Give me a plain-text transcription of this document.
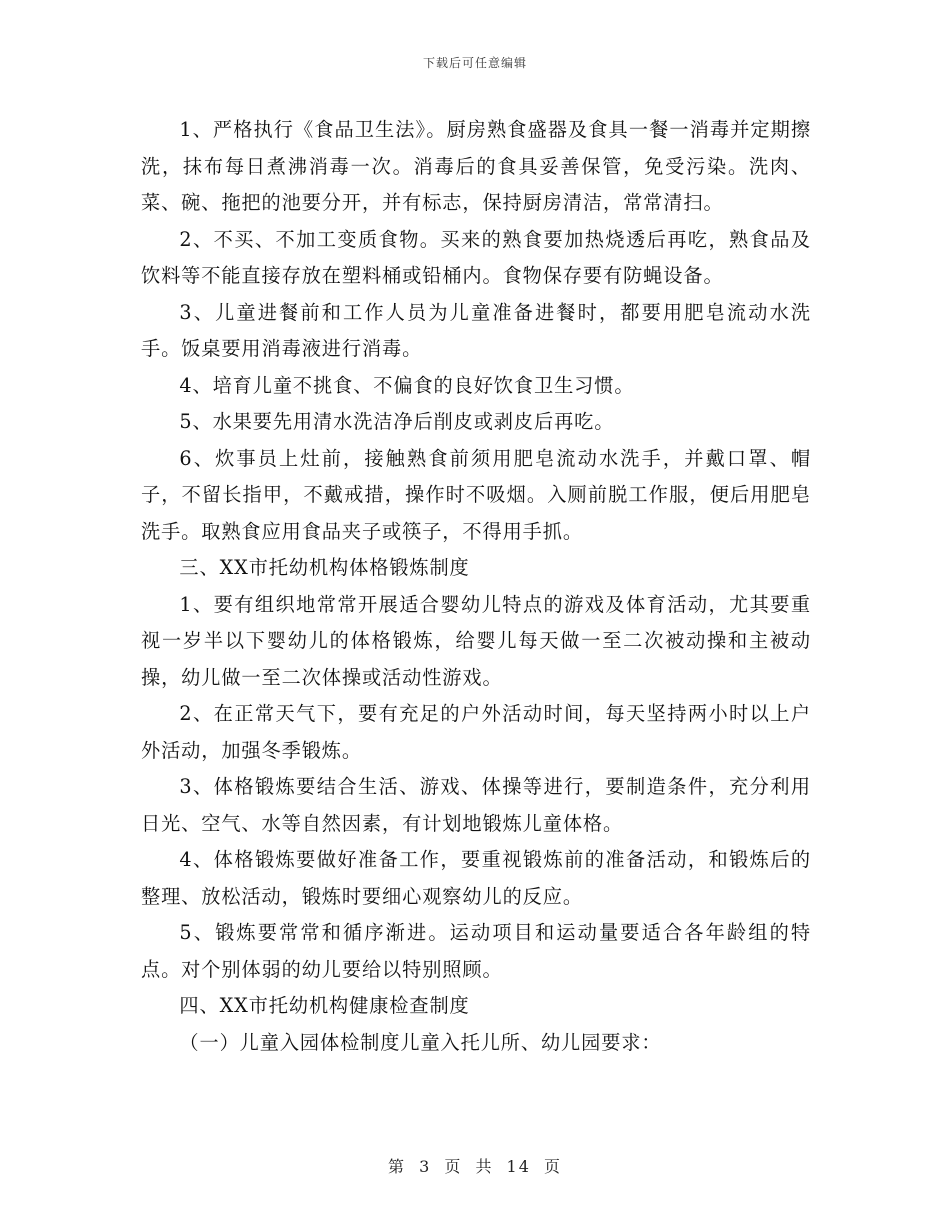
下载后可任意编辑

1、严格执行《食品卫生法》。厨房熟食盛器及食具一餐一消毒并定期擦洗，抹布每日煮沸消毒一次。消毒后的食具妥善保管，免受污染。洗肉、菜、碗、拖把的池要分开，并有标志，保持厨房清洁，常常清扫。

2、不买、不加工变质食物。买来的熟食要加热烧透后再吃，熟食品及饮料等不能直接存放在塑料桶或铅桶内。食物保存要有防蝇设备。

3、儿童进餐前和工作人员为儿童准备进餐时，都要用肥皂流动水洗手。饭桌要用消毒液进行消毒。

4、培育儿童不挑食、不偏食的良好饮食卫生习惯。

5、水果要先用清水洗洁净后削皮或剥皮后再吃。

6、炊事员上灶前，接触熟食前须用肥皂流动水洗手，并戴口罩、帽子，不留长指甲，不戴戒措，操作时不吸烟。入厕前脱工作服，便后用肥皂洗手。取熟食应用食品夹子或筷子，不得用手抓。

三、XX市托幼机构体格锻炼制度

1、要有组织地常常开展适合婴幼儿特点的游戏及体育活动，尤其要重视一岁半以下婴幼儿的体格锻炼，给婴儿每天做一至二次被动操和主被动操，幼儿做一至二次体操或活动性游戏。

2、在正常天气下，要有充足的户外活动时间，每天坚持两小时以上户外活动，加强冬季锻炼。

3、体格锻炼要结合生活、游戏、体操等进行，要制造条件，充分利用日光、空气、水等自然因素，有计划地锻炼儿童体格。

4、体格锻炼要做好准备工作，要重视锻炼前的准备活动，和锻炼后的整理、放松活动，锻炼时要细心观察幼儿的反应。

5、锻炼要常常和循序渐进。运动项目和运动量要适合各年龄组的特点。对个别体弱的幼儿要给以特别照顾。

四、XX市托幼机构健康检查制度

（一）儿童入园体检制度儿童入托儿所、幼儿园要求：

第 3 页 共 14 页
